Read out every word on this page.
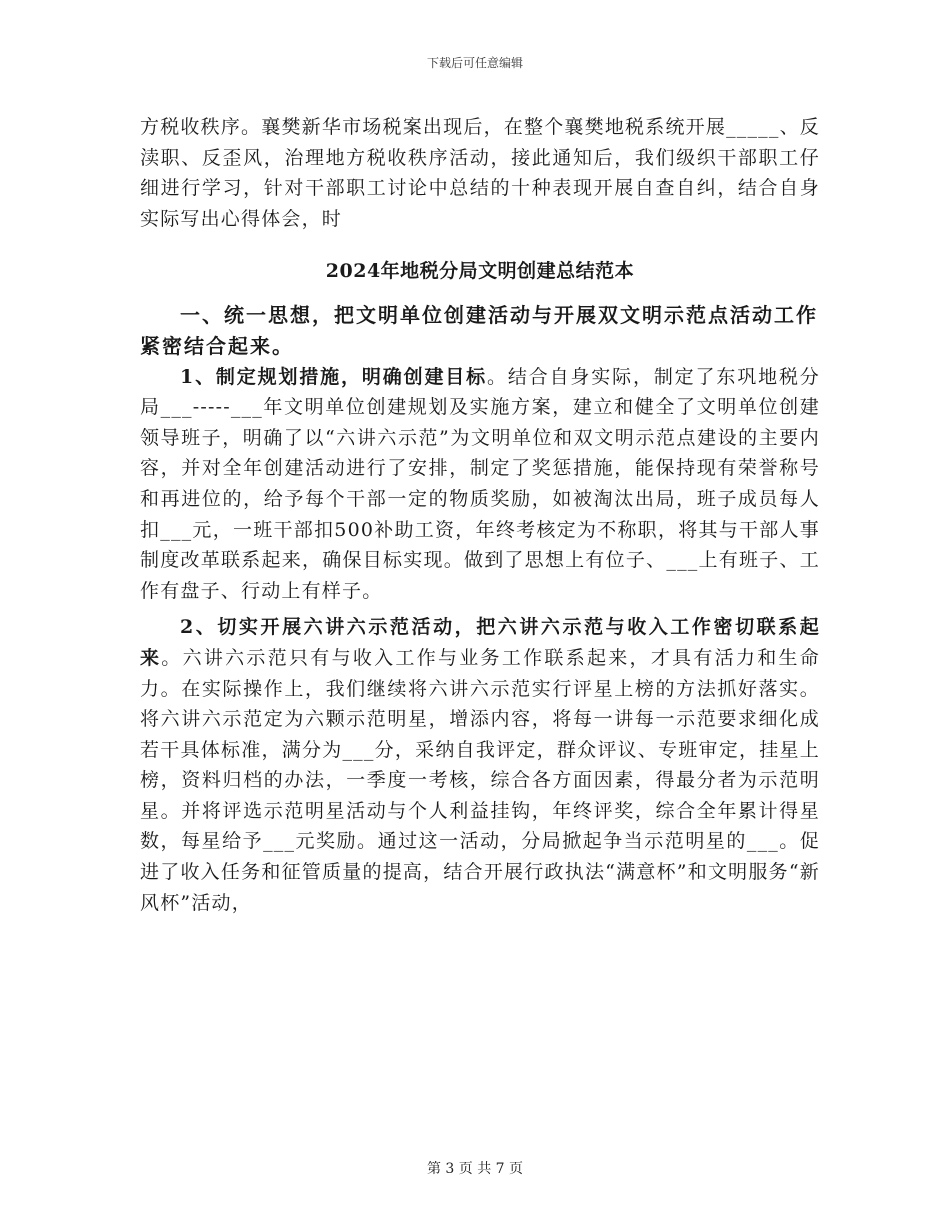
下载后可任意编辑

方税收秩序。襄樊新华市场税案出现后，在整个襄樊地税系统开展_____、反渎职、反歪风，治理地方税收秩序活动，接此通知后，我们级织干部职工仔细进行学习，针对干部职工讨论中总结的十种表现开展自查自纠，结合自身实际写出心得体会，时

2024年地税分局文明创建总结范本

一、统一思想，把文明单位创建活动与开展双文明示范点活动工作紧密结合起来。

1、制定规划措施，明确创建目标。结合自身实际，制定了东巩地税分局___-----___年文明单位创建规划及实施方案，建立和健全了文明单位创建领导班子，明确了以“六讲六示范”为文明单位和双文明示范点建设的主要内容，并对全年创建活动进行了安排，制定了奖惩措施，能保持现有荣誉称号和再进位的，给予每个干部一定的物质奖励，如被淘汰出局，班子成员每人扣___元，一班干部扣500补助工资，年终考核定为不称职，将其与干部人事制度改革联系起来，确保目标实现。做到了思想上有位子、___上有班子、工作有盘子、行动上有样子。

2、切实开展六讲六示范活动，把六讲六示范与收入工作密切联系起来。六讲六示范只有与收入工作与业务工作联系起来，才具有活力和生命力。在实际操作上，我们继续将六讲六示范实行评星上榜的方法抓好落实。将六讲六示范定为六颗示范明星，增添内容，将每一讲每一示范要求细化成若干具体标准，满分为___分，采纳自我评定，群众评议、专班审定，挂星上榜，资料归档的办法，一季度一考核，综合各方面因素，得最分者为示范明星。并将评选示范明星活动与个人利益挂钩，年终评奖，综合全年累计得星数，每星给予___元奖励。通过这一活动，分局掀起争当示范明星的___。促进了收入任务和征管质量的提高，结合开展行政执法“满意杯”和文明服务“新风杯”活动，

第 3 页 共 7 页
